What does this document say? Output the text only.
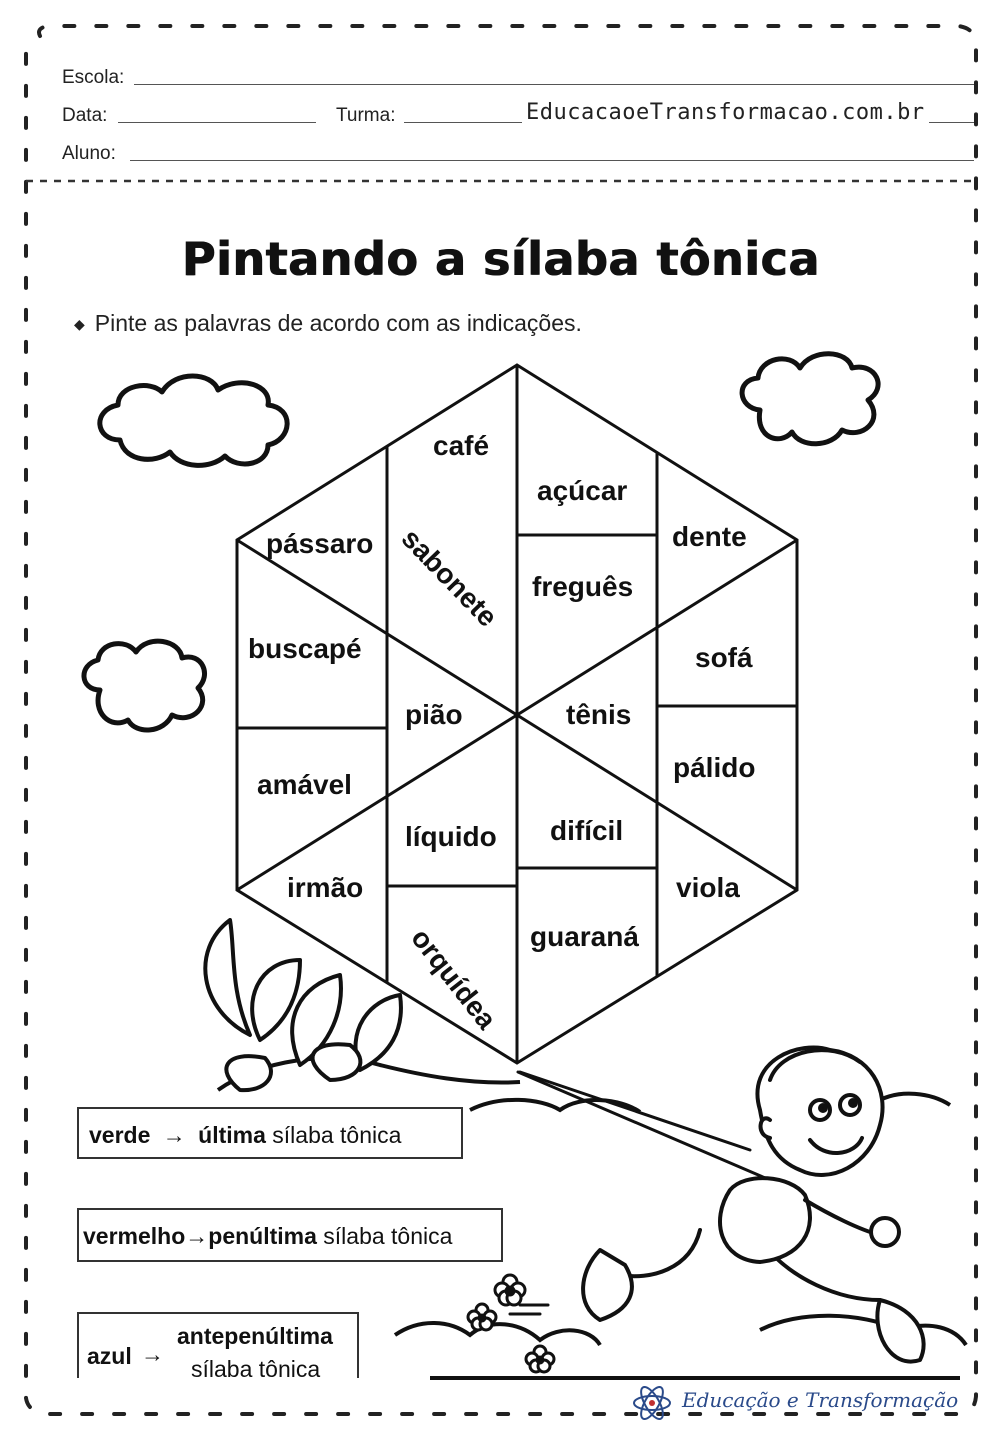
Escola:
Data:	Turma:	EducacaoeTransformacao.com.br
Aluno:
Pintando a sílaba tônica
◆ Pinte as palavras de acordo com as indicações.
café
açúcar
dente
pássaro sabonete freguês
buscapé	sofá
pião	tênis
amável
pálido
líquido difícil
irmão	viola
orquídea guaraná
verde → última sílaba tônica
vermelho→penúltima sílaba tônica
azul →
antepenúltima
sílaba tônica
Educação e Transformação
